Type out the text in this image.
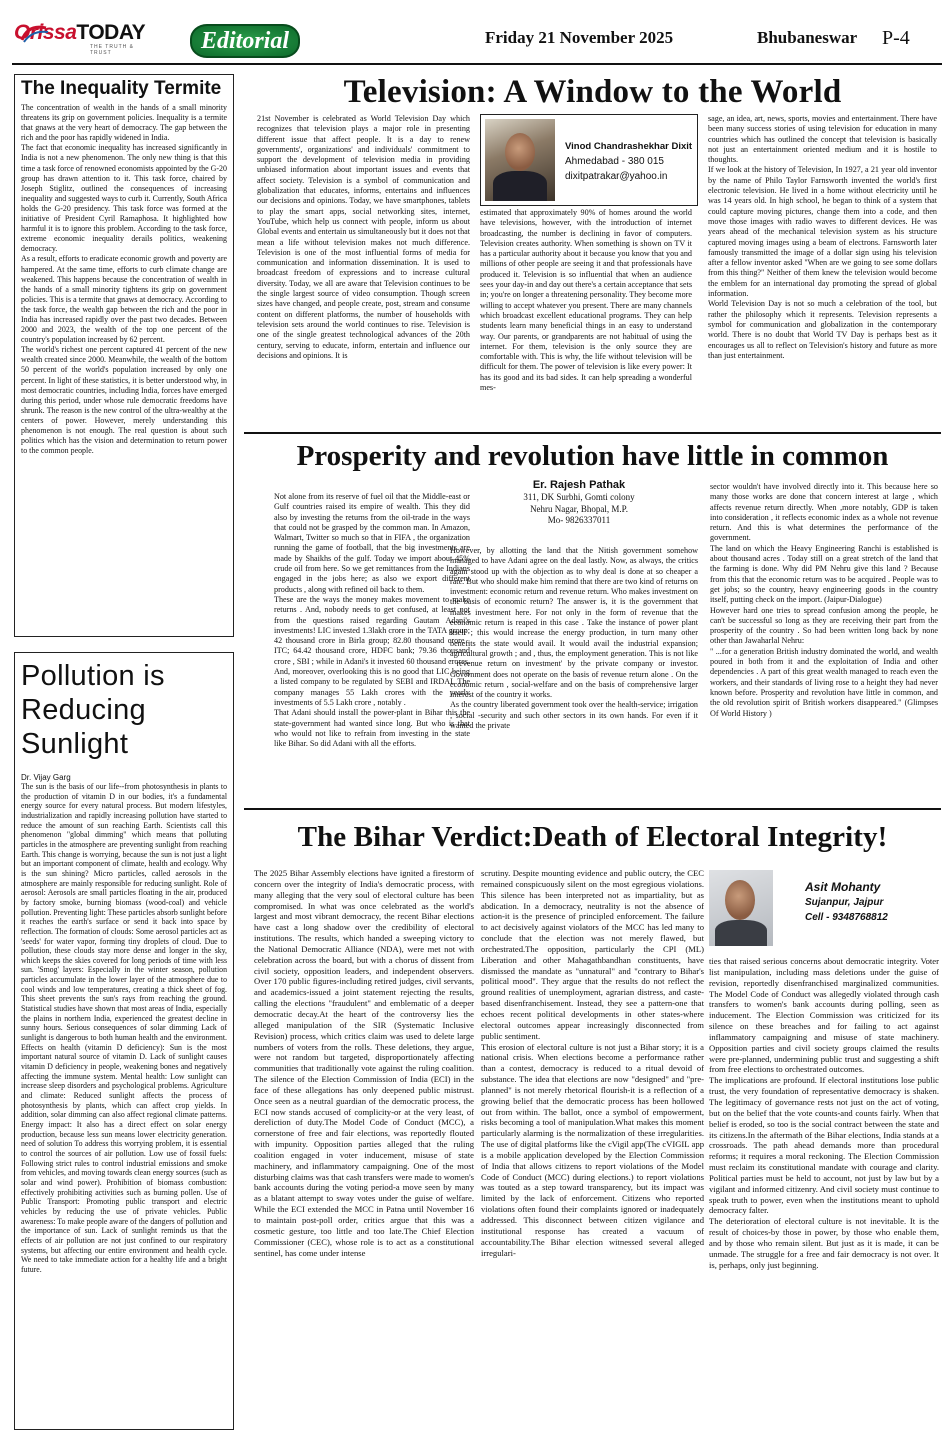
OrissaTODAY
THE TRUTH & TRUST	Editorial	Friday 21 November 2025	Bhubaneswar P-4
The Inequality Termite

The concentration of wealth in the hands of a small minority threatens its grip on government policies. Inequality is a termite that gnaws at the very heart of democracy. The gap between the rich and the poor has rapidly widened in India.

The fact that economic inequality has increased significantly in India is not a new phenomenon. The only new thing is that this time a task force of renowned economists appointed by the G-20 group has drawn attention to it. This task force, chaired by Joseph Stiglitz, outlined the consequences of increasing inequality and suggested ways to curb it. Currently, South Africa holds the G-20 presidency. This task force was formed at the initiative of President Cyril Ramaphosa. It highlighted how harmful it is to ignore this problem. According to the task force, extreme economic inequality derails politics, weakening democracy.

As a result, efforts to eradicate economic growth and poverty are hampered. At the same time, efforts to curb climate change are weakened. This happens because the concentration of wealth in the hands of a small minority tightens its grip on government policies. This is a termite that gnaws at democracy. According to the task force, the wealth gap between the rich and the poor in India has increased rapidly over the past two decades. Between 2000 and 2023, the wealth of the top one percent of the country's population increased by 62 percent.

The world's richest one percent captured 41 percent of the new wealth created since 2000. Meanwhile, the wealth of the bottom 50 percent of the world's population increased by only one percent. In light of these statistics, it is better understood why, in most democratic countries, including India, forces have emerged during this period, under whose rule democratic freedoms have shrunk. The reason is the new control of the ultra-wealthy at the centers of power. However, merely understanding this phenomenon is not enough. The real question is about such politics which has the vision and determination to return power to the common people.

Pollution is Reducing Sunlight
Dr. Vijay Garg
The sun is the basis of our life--from photosynthesis in plants to the production of vitamin D in our bodies, it's a fundamental energy source for every natural process. But modern lifestyles, industrialization and rapidly increasing pollution have started to reduce the amount of sun reaching Earth. Scientists call this phenomenon "global dimming" which means that polluting particles in the atmosphere are preventing sunlight from reaching Earth. This change is worrying, because the sun is not just a light but an important component of climate, health and ecology. Why is the sun shining? Micro particles, called aerosols in the atmosphere are mainly responsible for reducing sunlight. Role of aerosol: Aerosols are small particles floating in the air, produced by factory smoke, burning biomass (wood-coal) and vehicle pollution. Preventing light: These particles absorb sunlight before it reaches the earth's surface or send it back into space by reflection. The formation of clouds: Some aerosol particles act as 'seeds' for water vapor, forming tiny droplets of cloud. Due to pollution, these clouds stay more dense and longer in the sky, which keeps the skies covered for long periods of time with less sun. 'Smog' layers: Especially in the winter season, pollution particles accumulate in the lower layer of the atmosphere due to cool winds and low temperatures, creating a thick sheet of fog. This sheet prevents the sun's rays from reaching the ground. Statistical studies have shown that most areas of India, especially the plains in northern India, experienced the greatest decline in sunny hours. Serious consequences of solar dimming Lack of sunlight is dangerous to both human health and the environment. Effects on health (vitamin D deficiency): Sun is the most important natural source of vitamin D. Lack of sunlight causes vitamin D deficiency in people, weakening bones and negatively affecting the immune system. Mental health: Low sunlight can increase sleep disorders and psychological problems. Agriculture and climate: Reduced sunlight affects the process of photosynthesis by plants, which can affect crop yields. In addition, solar dimming can also affect regional climate patterns. Energy impact: It also has a direct effect on solar energy production, because less sun means lower electricity generation. need of solution To address this worrying problem, it is essential to control the sources of air pollution. Low use of fossil fuels: Following strict rules to control industrial emissions and smoke from vehicles, and moving towards clean energy sources (such as solar and wind power). Prohibition of biomass combustion: effectively prohibiting activities such as burning pollen. Use of Public Transport: Promoting public transport and electric vehicles by reducing the use of private vehicles. Public awareness: To make people aware of the dangers of pollution and the importance of sun. Lack of sunlight reminds us that the effects of air pollution are not just confined to our respiratory systems, but affecting our entire environment and health cycle. We need to take immediate action for a healthy life and a bright future.
Television: A Window to the World
21st November is celebrated as World Television Day which recognizes that television plays a major role in presenting different issue that affect people. It is a day to renew governments', organizations' and individuals' commitment to support the development of television media in providing unbiased information about important issues and events that affect society. Television is a symbol of communication and globalization that educates, informs, entertains and influences our decisions and opinions. Today, we have smartphones, tablets to play the smart apps, social networking sites, internet, YouTube, which help us connect with people, inform us about Global events and entertain us simultaneously but it does not that mean a life without television makes not much difference. Television is one of the most influential forms of media for communication and information dissemination. It is used to broadcast freedom of expressions and to increase cultural diversity. Today, we all are aware that Television continues to be the single largest source of video consumption. Though screen sizes have changed, and people create, post, stream and consume content on different platforms, the number of households with television sets around the world continues to rise. Television is one of the single greatest technological advances of the 20th century, serving to educate, inform, entertain and influence our decisions and opinions. It is
Vinod Chandrashekhar Dixit
Ahmedabad - 380 015
dixitpatrakar@yahoo.in
estimated that approximately 90% of homes around the world have televisions, however, with the introduction of internet broadcasting, the number is declining in favor of computers. Television creates authority. When something is shown on TV it has a particular authority about it because you know that you and millions of other people are seeing it and that professionals have produced it. Television is so influential that when an audience sees your day-in and day out there's a certain acceptance that sets in; you're on longer a threatening personality. They become more willing to accept whatever you present. There are many channels which broadcast excellent educational programs. They can help students learn many beneficial things in an easy to understand way. Our parents, or grandparents are not habitual of using the internet. For them, television is the only source they are comfortable with. This is why, the life without television will be difficult for them. The power of television is like every power: It has its good and its bad sides. It can help spreading a wonderful mes-
sage, an idea, art, news, sports, movies and entertainment. There have been many success stories of using television for education in many countries which has outlined the concept that television is basically not just an entertainment oriented medium and it is hostile to thoughts.
If we look at the history of Television, In 1927, a 21 year old inventor by the name of Philo Taylor Farnsworth invented the world's first electronic television. He lived in a home without electricity until he was 14 years old. In high school, he began to think of a system that could capture moving pictures, change them into a code, and then move those images with radio waves to different devices. He was years ahead of the mechanical television system as his structure captured moving images using a beam of electrons. Farnsworth later famously transmitted the image of a dollar sign using his television after a fellow inventor asked "When are we going to see some dollars from this thing?" Neither of them knew the television would become the emblem for an international day promoting the spread of global information.
World Television Day is not so much a celebration of the tool, but rather the philosophy which it represents. Television represents a symbol for communication and globalization in the contemporary world. There is no doubt that World TV Day is perhaps best as it encourages us all to reflect on Television's history and future as more than just entertainment.
Prosperity and revolution have little in common
Er. Rajesh Pathak
311, DK Surbhi, Gomti colony
Nehru Nagar, Bhopal, M.P.
Mo- 9826337011
Not alone from its reserve of fuel oil that the Middle-east or Gulf countries raised its empire of wealth. This they did also by investing the returns from the oil-trade in the ways that could not be grasped by the common man. In Amazon, Walmart, Twitter so much so that in FIFA , the organization running the game of football, that the big investments are made by Shaikhs of the gulf. Today we import about 45% crude oil from here. So we get remittances from the Indians engaged in the jobs here; as also we export different products , along with refined oil back to them.
These are the ways the money makes movement to make returns . And, nobody needs to get confused, at least not from the questions raised regarding Gautam Adani's investments! LIC invested 1.3lakh crore in the TATA group; 42 thousand crore in Birla group; 82.80 thousand crore , ITC; 64.42 thousand crore, HDFC bank; 79.36 thousand crore , SBI ; while in Adani's it invested 60 thousand crores. And, moreover, overlooking this is no good that LIC being a listed company to be regulated by SEBI and IRDAI. The company manages 55 Lakh crores with the yearly investments of 5.5 Lakh crore , notably .
That Adani should install the power-plant in Bihar this the state-government had wanted since long. But who is that who would not like to refrain from investing in the state like Bihar. So did Adani with all the efforts.
However, by allotting the land that the Nitish government somehow managed to have Adani agree on the deal lastly. Now, as always, the critics again stood up with the objection as to why deal is done at so cheaper a rate. But who should make him remind that there are two kind of returns on investment: economic return and revenue return. Who makes investment on the basis of economic return? The answer is, it is the government that makes investment here. For not only in the form of revenue that the economic return is reaped in this case . Take the instance of power plant itself ; this would increase the energy production, in turn many other benefits the state would avail. It would avail the industrial expansion; agricultural growth ; and , thus, the employment generation. This is not like ' revenue return on investment' by the private company or investor. Government does not operate on the basis of revenue return alone . On the economic return , social-welfare and on the basis of comprehensive larger interest of the country it works.
As the country liberated government took over the health-service; irrigation ; social -security and such other sectors in its own hands. For even if it wanted the private
sector wouldn't have involved directly into it. This because here so many those works are done that concern interest at large , which affects revenue return directly. When ,more notably, GDP is taken into consideration , it reflects economic index as a whole not revenue return. And this is what determines the performance of the government.
The land on which the Heavy Engineering Ranchi is established is about thousand acres . Today still on a great stretch of the land that the farming is done. Why did PM Nehru give this land ? Because from this that the economic return was to be acquired . People was to get jobs; so the country, heavy engineering goods in the country itself, putting check on the import. (Jaipur-Dialogue)
However hard one tries to spread confusion among the people, he can't be successful so long as they are receiving their part from the prosperity of the country . So had been written long back by none other than Jawaharlal Nehru:
" ...for a generation British industry dominated the world, and wealth poured in both from it and the exploitation of India and other dependencies . A part of this great wealth managed to reach even the workers, and their standards of living rose to a height they had never known before. Prosperity and revolution have little in common, and the old revolution spirit of British workers disappeared." (Glimpses Of World History )
The Bihar Verdict:Death of Electoral Integrity!
The 2025 Bihar Assembly elections have ignited a firestorm of concern over the integrity of India's democratic process, with many alleging that the very soul of electoral culture has been compromised. In what was once celebrated as the world's largest and most vibrant democracy, the recent Bihar elections have cast a long shadow over the credibility of electoral institutions. The results, which handed a sweeping victory to the National Democratic Alliance (NDA), were met not with celebration across the board, but with a chorus of dissent from civil society, opposition leaders, and independent observers. Over 170 public figures-including retired judges, civil servants, and academics-issued a joint statement rejecting the results, calling the elections "fraudulent" and emblematic of a deeper democratic decay.At the heart of the controversy lies the alleged manipulation of the SIR (Systematic Inclusive Revision) process, which critics claim was used to delete large numbers of voters from the rolls. These deletions, they argue, were not random but targeted, disproportionately affecting communities that traditionally vote against the ruling coalition. The silence of the Election Commission of India (ECI) in the face of these allegations has only deepened public mistrust. Once seen as a neutral guardian of the democratic process, the ECI now stands accused of complicity-or at the very least, of dereliction of duty.The Model Code of Conduct (MCC), a cornerstone of free and fair elections, was reportedly flouted with impunity. Opposition parties alleged that the ruling coalition engaged in voter inducement, misuse of state machinery, and inflammatory campaigning. One of the most disturbing claims was that cash transfers were made to women's bank accounts during the voting period-a move seen by many as a blatant attempt to sway votes under the guise of welfare. While the ECI extended the MCC in Patna until November 16 to maintain post-poll order, critics argue that this was a cosmetic gesture, too little and too late.The Chief Election Commissioner (CEC), whose role is to act as a constitutional sentinel, has come under intense
scrutiny. Despite mounting evidence and public outcry, the CEC remained conspicuously silent on the most egregious violations. This silence has been interpreted not as impartiality, but as abdication. In a democracy, neutrality is not the absence of action-it is the presence of principled enforcement. The failure to act decisively against violators of the MCC has led many to conclude that the election was not merely flawed, but orchestrated.The opposition, particularly the CPI (ML) Liberation and other Mahagathbandhan constituents, have dismissed the mandate as "unnatural" and "contrary to Bihar's political mood". They argue that the results do not reflect the ground realities of unemployment, agrarian distress, and caste-based disenfranchisement. Instead, they see a pattern-one that echoes recent political developments in other states-where electoral outcomes appear increasingly disconnected from public sentiment.
This erosion of electoral culture is not just a Bihar story; it is a national crisis. When elections become a performance rather than a contest, democracy is reduced to a ritual devoid of substance. The idea that elections are now "designed" and "pre-planned" is not merely rhetorical flourish-it is a reflection of a growing belief that the democratic process has been hollowed out from within. The ballot, once a symbol of empowerment, risks becoming a tool of manipulation.What makes this moment particularly alarming is the normalization of these irregularities. The use of digital platforms like the cVigil app(The cVIGIL app is a mobile application developed by the Election Commission of India that allows citizens to report violations of the Model Code of Conduct (MCC) during elections.) to report violations was touted as a step toward transparency, but its impact was limited by the lack of enforcement. Citizens who reported violations often found their complaints ignored or inadequately addressed. This disconnect between citizen vigilance and institutional response has created a vacuum of accountability.The Bihar election witnessed several alleged irregulari-
Asit Mohanty
Sujanpur, Jajpur
Cell - 9348768812
ties that raised serious concerns about democratic integrity. Voter list manipulation, including mass deletions under the guise of revision, reportedly disenfranchised marginalized communities. The Model Code of Conduct was allegedly violated through cash transfers to women's bank accounts during polling, seen as inducement. The Election Commission was criticized for its silence on these breaches and for failing to act against inflammatory campaigning and misuse of state machinery. Opposition parties and civil society groups claimed the results were pre-planned, undermining public trust and suggesting a shift from free elections to orchestrated outcomes.
The implications are profound. If electoral institutions lose public trust, the very foundation of representative democracy is shaken. The legitimacy of governance rests not just on the act of voting, but on the belief that the vote counts-and counts fairly. When that belief is eroded, so too is the social contract between the state and its citizens.In the aftermath of the Bihar elections, India stands at a crossroads. The path ahead demands more than procedural reforms; it requires a moral reckoning. The Election Commission must reclaim its constitutional mandate with courage and clarity. Political parties must be held to account, not just by law but by a vigilant and informed citizenry. And civil society must continue to speak truth to power, even when the institutions meant to uphold democracy falter.
The deterioration of electoral culture is not inevitable. It is the result of choices-by those in power, by those who enable them, and by those who remain silent. But just as it is made, it can be unmade. The struggle for a free and fair democracy is not over. It is, perhaps, only just beginning.
